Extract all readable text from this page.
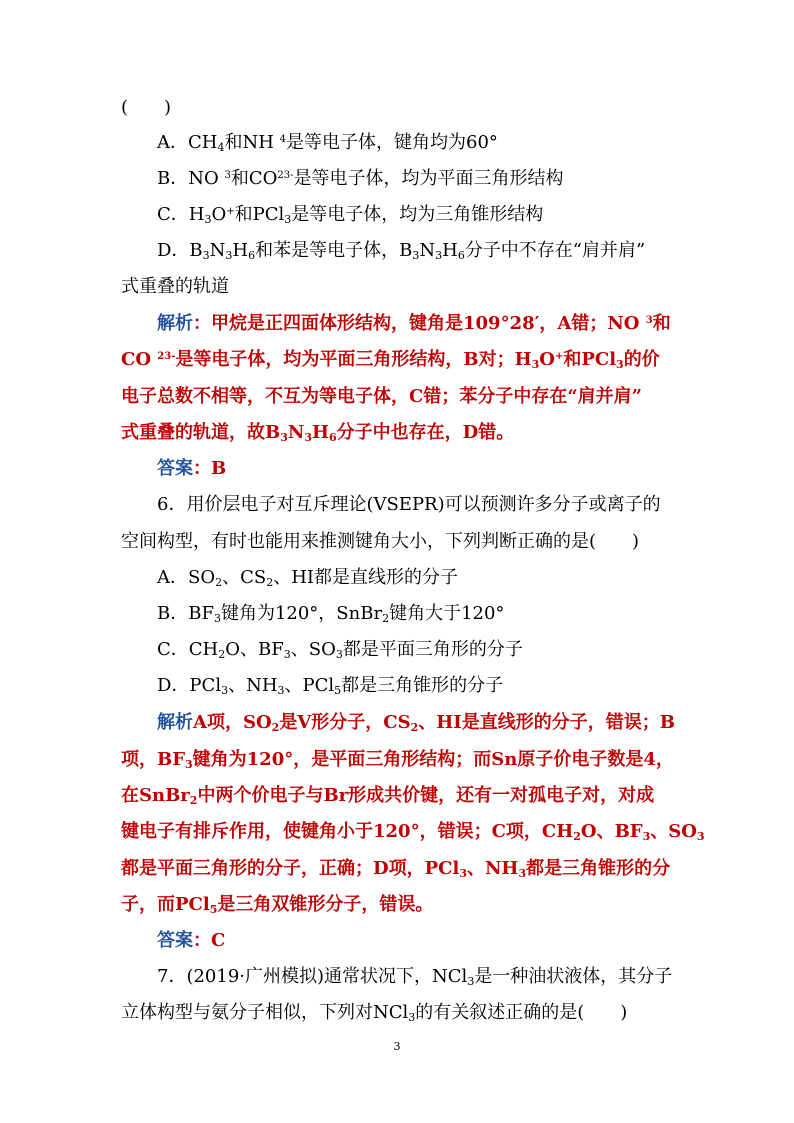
(　　)
A．$CH_4$和NH $^4$是等电子体，键角均为60°
B．NO $^3$和$CO^{23-}$是等电子体，均为平面三角形结构
C．$H_3O^+$和PCl$_3$是等电子体，均为三角锥形结构
D．$B_3N_3H_6$和苯是等电子体，$B_3N_3H_6$分子中不存在“肩并肩”
式重叠的轨道
解析：甲烷是正四面体形结构，键角是109°28′，A错；NO $^3$和
CO $^{23-}$是等电子体，均为平面三角形结构，B对；$H_3O^+$和PCl$_3$的价
电子总数不相等，不互为等电子体，C错；苯分子中存在“肩并肩”
式重叠的轨道，故$B_3N_3H_6$分子中也存在，D错。
答案：B
6．用价层电子对互斥理论(VSEPR)可以预测许多分子或离子的
空间构型，有时也能用来推测键角大小，下列判断正确的是(　　)
A．$SO_2$、$CS_2$、HI都是直线形的分子
B．$BF_3$键角为120°，SnBr$_2$键角大于120°
C．$CH_2O$、$BF_3$、$SO_3$都是平面三角形的分子
D．PCl$_3$、$NH_3$、PCl$_5$都是三角锥形的分子
解析A项，$SO_2$是V形分子，$CS_2$、HI是直线形的分子，错误；B
项，$BF_3$键角为120°，是平面三角形结构；而Sn原子价电子数是4，
在SnBr$_2$中两个价电子与Br形成共价键，还有一对孤电子对，对成
键电子有排斥作用，使键角小于120°，错误；C项，$CH_2O$、$BF_3$、$SO_3$
都是平面三角形的分子，正确；D项，PCl$_3$、$NH_3$都是三角锥形的分
子，而PCl$_5$是三角双锥形分子，错误。
答案：C
7．(2019·广州模拟)通常状况下，NCl$_3$是一种油状液体，其分子
立体构型与氨分子相似，下列对NCl$_3$的有关叙述正确的是(　　)
3
